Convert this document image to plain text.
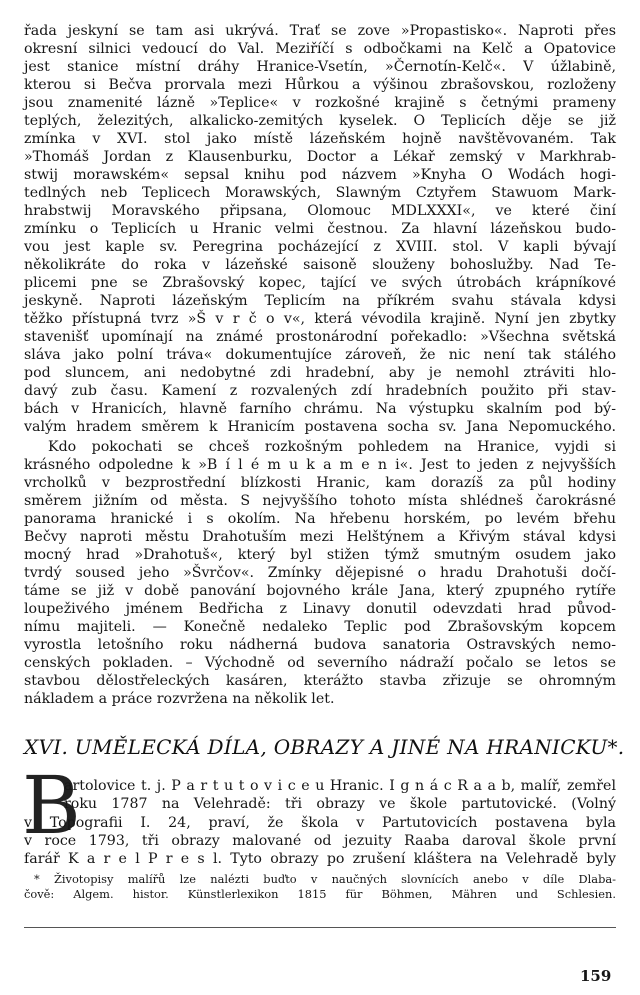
řada jeskyní se tam asi ukrývá. Trať se zove »Propastisko«. Naproti přes
okresní silnici vedoucí do Val. Meziříčí s odbočkami na Kelč a Opatovice
jest stanice místní dráhy Hranice-Vsetín, »Černotín-Kelč«. V úžlabině,
kterou si Bečva prorvala mezi Hůrkou a výšinou zbrašovskou, rozloženy
jsou znamenité lázně »Teplice« v rozkošné krajině s četnými prameny
teplých, železitých, alkalicko-zemitých kyselek. O Teplicích děje se již
zmínka v XVI. stol jako místě lázeňském hojně navštěvovaném. Tak
»Thomáš Jordan z Klausenburku, Doctor a Lékař zemský v Markhrab-
stwij morawském« sepsal knihu pod názvem »Knyha O Wodách hogi-
tedlných neb Teplicech Morawských, Slawným Cztyřem Stawuom Mark-
hrabstwij Moravského připsana, Olomouc MDLXXXI«, ve které činí
zmínku o Teplicích u Hranic velmi čestnou. Za hlavní lázeňskou budo-
vou jest kaple sv. Peregrina pocházející z XVIII. stol. V kapli bývají
několikráte do roka v lázeňské saisoně slouženy bohoslužby. Nad Te-
plicemi pne se Zbrašovský kopec, tající ve svých útrobách krápníkové
jeskyně. Naproti lázeňským Teplicím na příkrém svahu stávala kdysi
těžko přístupná tvrz »Š v r č o v«, která vévodila krajině. Nyní jen zbytky
stavenišť upomínají na známé prostonárodní pořekadlo: »Všechna světská
sláva jako polní tráva« dokumentujíce zároveň, že nic není tak stálého
pod sluncem, ani nedobytné zdi hradební, aby je nemohl ztráviti hlo-
davý zub času. Kamení z rozvalených zdí hradebních použito při stav-
bách v Hranicích, hlavně farního chrámu. Na výstupku skalním pod bý-
valým hradem směrem k Hranicím postavena socha sv. Jana Nepomuckého.
Kdo pokochati se chceš rozkošným pohledem na Hranice, vyjdi si
krásného odpoledne k »B í l é m u k a m e n i«. Jest to jeden z nejvyšších
vrcholků v bezprostřední blízkosti Hranic, kam dorazíš za půl hodiny
směrem jižním od města. S nejvyššího tohoto místa shlédneš čarokrásné
panorama hranické i s okolím. Na hřebenu horském, po levém břehu
Bečvy naproti městu Drahotuším mezi Helštýnem a Křivým stával kdysi
mocný hrad »Drahotuš«, který byl stižen týmž smutným osudem jako
tvrdý soused jeho »Švrčov«. Zmínky dějepisné o hradu Drahotuši dočí-
táme se již v době panování bojovného krále Jana, který zpupného rytíře
loupeživého jménem Bedřicha z Linavy donutil odevzdati hrad původ-
nímu majiteli. — Konečně nedaleko Teplic pod Zbrašovským kopcem
vyrostla letošního roku nádherná budova sanatoria Ostravských nemo-
cenských pokladen. – Východně od severního nádraží počalo se letos se
stavbou dělostřeleckých kasáren, kterážto stavba zřizuje se ohromným
nákladem a práce rozvržena na několik let.
XVI. UMĚLECKÁ DÍLA, OBRAZY A JINÉ NA HRANICKU*.
B
artolovice t. j. P a r t u t o v i c e u Hranic. I g n á c R a a b, malíř, zemřel
roku 1787 na Velehradě: tři obrazy ve škole partutovické. (Volný
v Topografii I. 24, praví, že škola v Partutovicích postavena byla
v roce 1793, tři obrazy malované od jezuity Raaba daroval škole první
farář K a r e l P r e s l. Tyto obrazy po zrušení kláštera na Velehradě byly
* Životopisy malířů lze nalézti buďto v naučných slovnících anebo v díle Dlaba-
čově: Algem. histor. Künstlerlexikon 1815 für Böhmen, Mähren und Schlesien.
159
